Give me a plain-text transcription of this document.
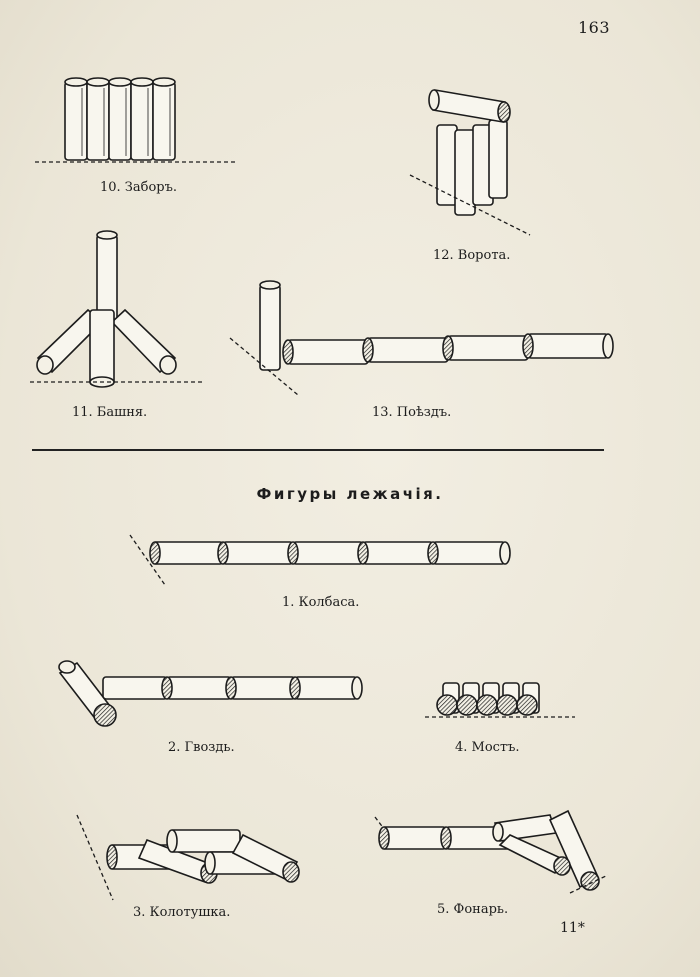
163
10. Заборъ.
12. Ворота.
11. Башня.	13. Поѣздъ.
Фигуры лежачія.
1. Колбаса.
2. Гвоздь.	4. Мостъ.
3. Колотушка.	5. Фонарь.
11*
